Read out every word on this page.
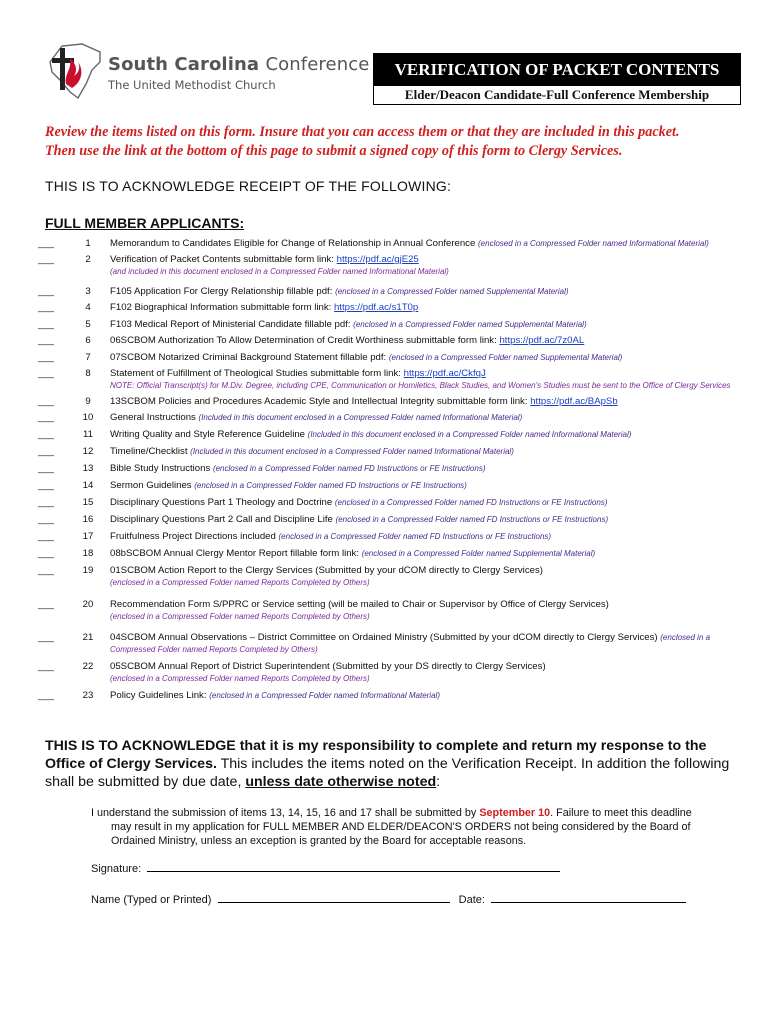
South Carolina Conference
The United Methodist Church
VERIFICATION OF PACKET CONTENTS
Elder/Deacon Candidate-Full Conference Membership
Review the items listed on this form. Insure that you can access them or that they are included in this packet.
Then use the link at the bottom of this page to submit a signed copy of this form to Clergy Services.
THIS IS TO ACKNOWLEDGE RECEIPT OF THE FOLLOWING:
FULL MEMBER APPLICANTS:
___	1	Memorandum to Candidates Eligible for Change of Relationship in Annual Conference (enclosed in a Compressed Folder named Informational Material)
___	2	Verification of Packet Contents submittable form link: https://pdf.ac/gjE25
(and included in this document enclosed in a Compressed Folder named Informational Material)
___	3	F105 Application For Clergy Relationship fillable pdf: (enclosed in a Compressed Folder named Supplemental Material)
___	4	F102 Biographical Information submittable form link: https://pdf.ac/s1T0p
___	5	F103 Medical Report of Ministerial Candidate fillable pdf: (enclosed in a Compressed Folder named Supplemental Material)
___	6	06SCBOM Authorization To Allow Determination of Credit Worthiness submittable form link: https://pdf.ac/7z0AL
___	7	07SCBOM Notarized Criminal Background Statement fillable pdf: (enclosed in a Compressed Folder named Supplemental Material)
___	8	Statement of Fulfillment of Theological Studies submittable form link: https://pdf.ac/CkfqJ
NOTE: Official Transcript(s) for M.Div. Degree, including CPE, Communication or Homiletics, Black Studies, and Women's Studies must be sent to the Office of Clergy Services
___	9	13SCBOM Policies and Procedures Academic Style and Intellectual Integrity submittable form link: https://pdf.ac/BApSb
___	10 General Instructions (Included in this document enclosed in a Compressed Folder named Informational Material)
___	11 Writing Quality and Style Reference Guideline (Included in this document enclosed in a Compressed Folder named Informational Material)
___	12 Timeline/Checklist (Included in this document enclosed in a Compressed Folder named Informational Material)
___	13 Bible Study Instructions (enclosed in a Compressed Folder named FD Instructions or FE Instructions)
___	14 Sermon Guidelines (enclosed in a Compressed Folder named FD Instructions or FE Instructions)
___	15 Disciplinary Questions Part 1 Theology and Doctrine (enclosed in a Compressed Folder named FD Instructions or FE Instructions)
___	16 Disciplinary Questions Part 2 Call and Discipline Life (enclosed in a Compressed Folder named FD Instructions or FE Instructions)
___	17 Fruitfulness Project Directions included (enclosed in a Compressed Folder named FD Instructions or FE Instructions)
___	18 08bSCBOM Annual Clergy Mentor Report fillable form link: (enclosed in a Compressed Folder named Supplemental Material)
___	19 01SCBOM Action Report to the Clergy Services (Submitted by your dCOM directly to Clergy Services)
(enclosed in a Compressed Folder named Reports Completed by Others)
___	20 Recommendation Form S/PPRC or Service setting (will be mailed to Chair or Supervisor by Office of Clergy Services)
(enclosed in a Compressed Folder named Reports Completed by Others)
___	21 04SCBOM Annual Observations – District Committee on Ordained Ministry (Submitted by your dCOM directly to Clergy Services) (enclosed in a
Compressed Folder named Reports Completed by Others)
___	22 05SCBOM Annual Report of District Superintendent (Submitted by your DS directly to Clergy Services)
(enclosed in a Compressed Folder named Reports Completed by Others)
___	23 Policy Guidelines Link: (enclosed in a Compressed Folder named Informational Material)
THIS IS TO ACKNOWLEDGE that it is my responsibility to complete and return my response to the Office of Clergy Services. This includes the items noted on the Verification Receipt. In addition the following shall be submitted by due date, unless date otherwise noted:
I understand the submission of items 13, 14, 15, 16 and 17 shall be submitted by September 10. Failure to meet this deadline
may result in my application for FULL MEMBER AND ELDER/DEACON'S ORDERS not being considered by the Board of
Ordained Ministry, unless an exception is granted by the Board for acceptable reasons.
Signature:
Name (Typed or Printed)	Date:
